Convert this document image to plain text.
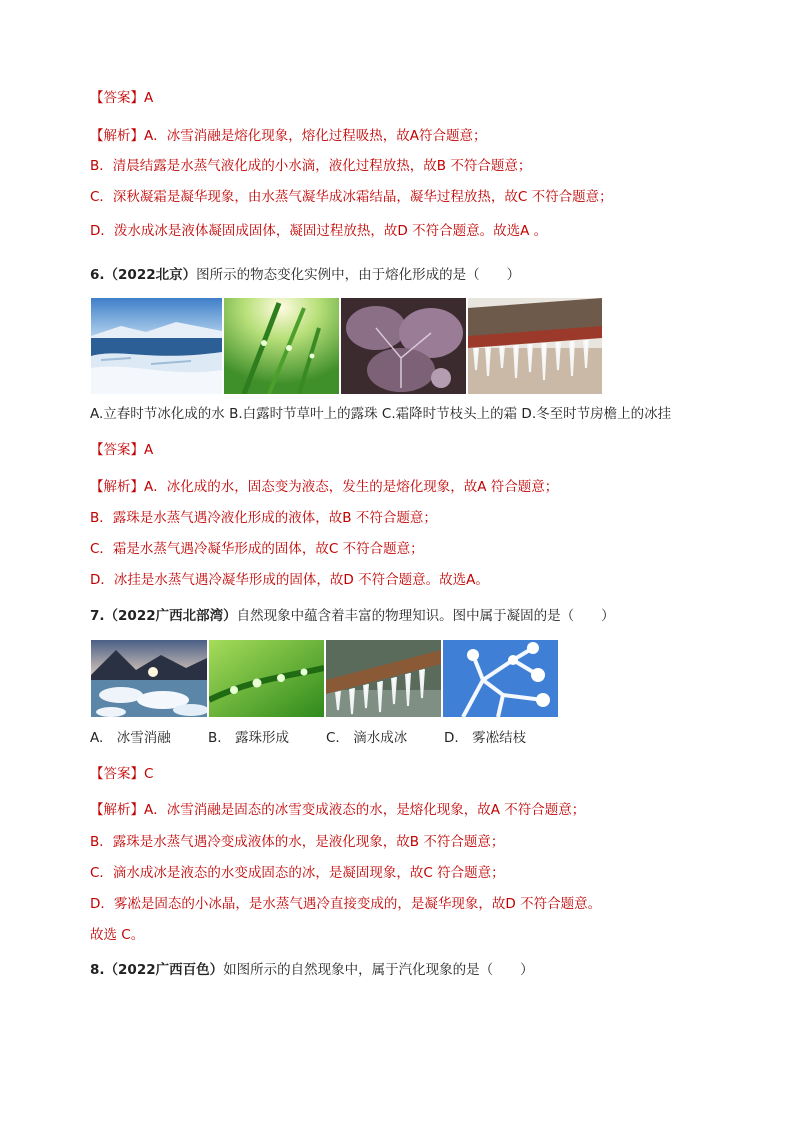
【答案】A
【解析】A．冰雪消融是熔化现象，熔化过程吸热，故A符合题意；
B．清晨结露是水蒸气液化成的小水滴，液化过程放热，故B 不符合题意；
C．深秋凝霜是凝华现象，由水蒸气凝华成冰霜结晶，凝华过程放热，故C 不符合题意；
D．泼水成冰是液体凝固成固体，凝固过程放热，故D 不符合题意。故选A 。
6.（2022北京）图所示的物态变化实例中，由于熔化形成的是（　　）
A.立春时节冰化成的水 B.白露时节草叶上的露珠 C.霜降时节枝头上的霜 D.冬至时节房檐上的冰挂
【答案】A
【解析】A．冰化成的水，固态变为液态，发生的是熔化现象，故A 符合题意；
B．露珠是水蒸气遇冷液化形成的液体，故B 不符合题意；
C．霜是水蒸气遇冷凝华形成的固体，故C 不符合题意；
D．冰挂是水蒸气遇冷凝华形成的固体，故D 不符合题意。故选A。
7.（2022广西北部湾）自然现象中蕴含着丰富的物理知识。图中属于凝固的是（　　）
A.　冰雪消融	B.　露珠形成	C.　滴水成冰	D.　雾凇结枝
【答案】C
【解析】A．冰雪消融是固态的冰雪变成液态的水，是熔化现象，故A 不符合题意；
B．露珠是水蒸气遇冷变成液体的水，是液化现象，故B 不符合题意；
C．滴水成冰是液态的水变成固态的冰，是凝固现象，故C 符合题意；
D．雾凇是固态的小冰晶，是水蒸气遇冷直接变成的，是凝华现象，故D 不符合题意。
故选 C。
8.（2022广西百色）如图所示的自然现象中，属于汽化现象的是（　　）
